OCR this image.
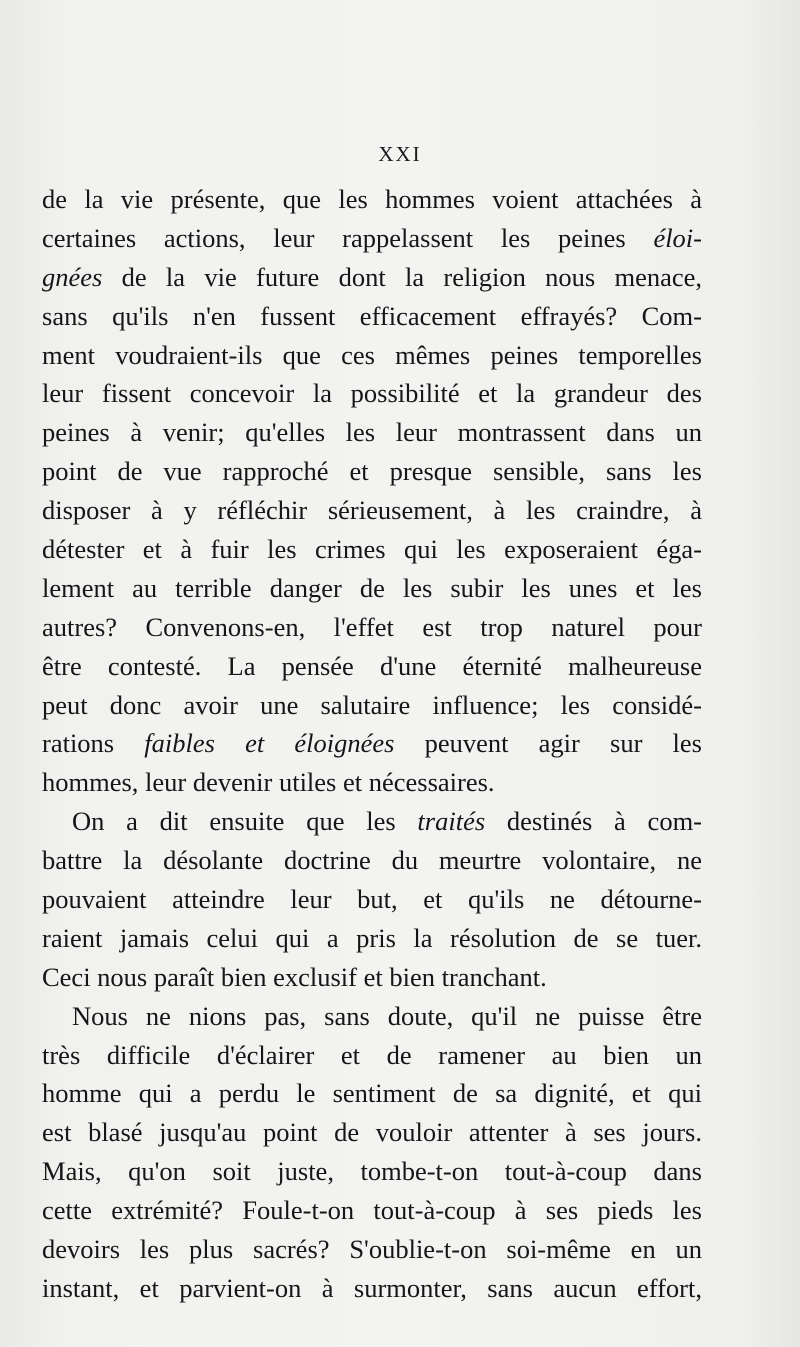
XXI
de la vie présente, que les hommes voient attachées à
certaines actions, leur rappelassent les peines éloi-
gnées de la vie future dont la religion nous menace,
sans qu'ils n'en fussent efficacement effrayés? Com-
ment voudraient-ils que ces mêmes peines temporelles
leur fissent concevoir la possibilité et la grandeur des
peines à venir; qu'elles les leur montrassent dans un
point de vue rapproché et presque sensible, sans les
disposer à y réfléchir sérieusement, à les craindre, à
détester et à fuir les crimes qui les exposeraient éga-
lement au terrible danger de les subir les unes et les
autres? Convenons-en, l'effet est trop naturel pour
être contesté. La pensée d'une éternité malheureuse
peut donc avoir une salutaire influence; les considé-
rations faibles et éloignées peuvent agir sur les
hommes, leur devenir utiles et nécessaires.
On a dit ensuite que les traités destinés à com-
battre la désolante doctrine du meurtre volontaire, ne
pouvaient atteindre leur but, et qu'ils ne détourne-
raient jamais celui qui a pris la résolution de se tuer.
Ceci nous paraît bien exclusif et bien tranchant.
Nous ne nions pas, sans doute, qu'il ne puisse être
très difficile d'éclairer et de ramener au bien un
homme qui a perdu le sentiment de sa dignité, et qui
est blasé jusqu'au point de vouloir attenter à ses jours.
Mais, qu'on soit juste, tombe-t-on tout-à-coup dans
cette extrémité? Foule-t-on tout-à-coup à ses pieds les
devoirs les plus sacrés? S'oublie-t-on soi-même en un
instant, et parvient-on à surmonter, sans aucun effort,
